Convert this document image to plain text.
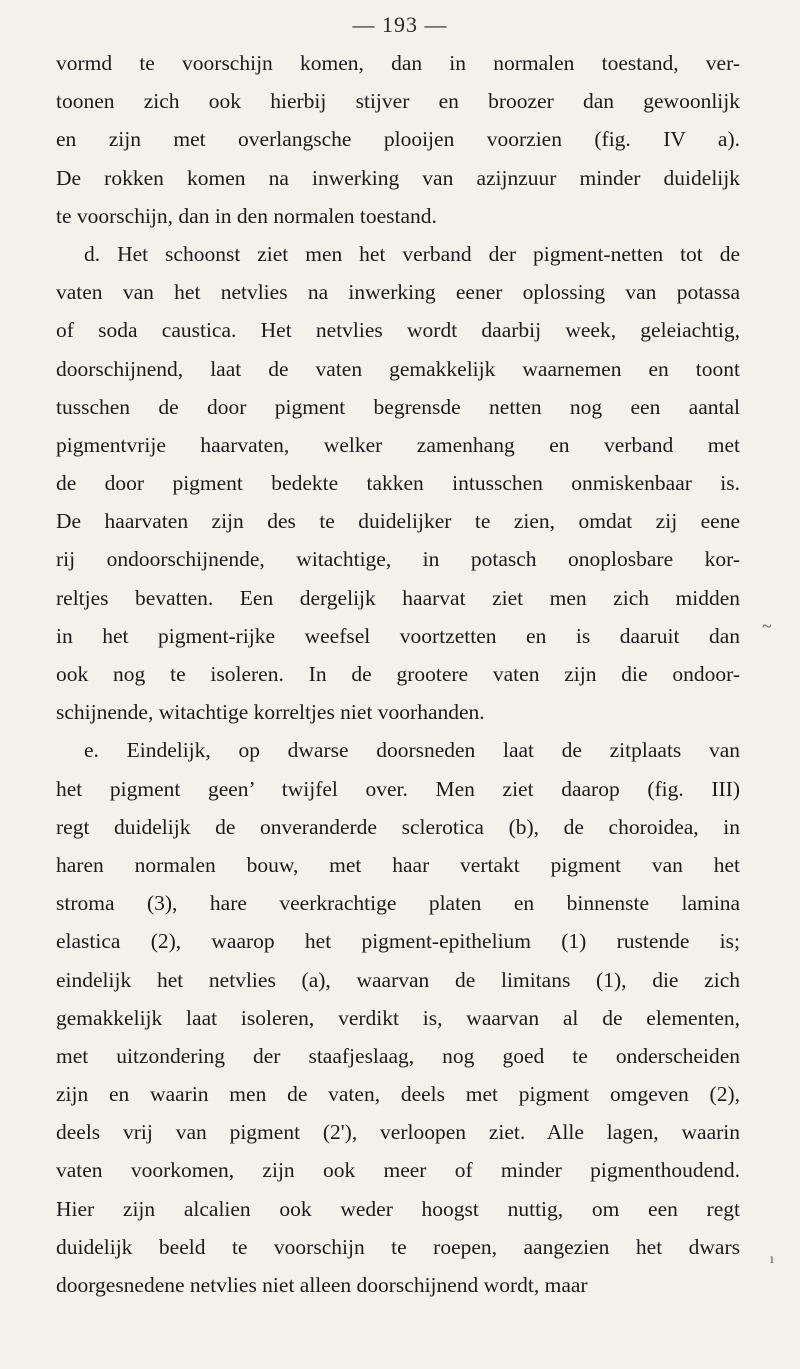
— 193 —
vormd te voorschijn komen, dan in normalen toestand, ver-
toonen zich ook hierbij stijver en broozer dan gewoonlijk
en zijn met overlangsche plooijen voorzien (fig. IV a).
De rokken komen na inwerking van azijnzuur minder duidelijk
te voorschijn, dan in den normalen toestand.
d. Het schoonst ziet men het verband der pigment-netten tot de
vaten van het netvlies na inwerking eener oplossing van potassa
of soda caustica. Het netvlies wordt daarbij week, geleiachtig,
doorschijnend, laat de vaten gemakkelijk waarnemen en toont
tusschen de door pigment begrensde netten nog een aantal
pigmentvrije haarvaten, welker zamenhang en verband met
de door pigment bedekte takken intusschen onmiskenbaar is.
De haarvaten zijn des te duidelijker te zien, omdat zij eene
rij ondoorschijnende, witachtige, in potasch onoplosbare kor-
reltjes bevatten. Een dergelijk haarvat ziet men zich midden
in het pigment-rijke weefsel voortzetten en is daaruit dan
ook nog te isoleren. In de grootere vaten zijn die ondoor-
schijnende, witachtige korreltjes niet voorhanden.
e. Eindelijk, op dwarse doorsneden laat de zitplaats van
het pigment geen’ twijfel over. Men ziet daarop (fig. III)
regt duidelijk de onveranderde sclerotica (b), de choroidea, in
haren normalen bouw, met haar vertakt pigment van het
stroma (3), hare veerkrachtige platen en binnenste lamina
elastica (2), waarop het pigment-epithelium (1) rustende is;
eindelijk het netvlies (a), waarvan de limitans (1), die zich
gemakkelijk laat isoleren, verdikt is, waarvan al de elementen,
met uitzondering der staafjeslaag, nog goed te onderscheiden
zijn en waarin men de vaten, deels met pigment omgeven (2),
deels vrij van pigment (2'), verloopen ziet. Alle lagen, waarin
vaten voorkomen, zijn ook meer of minder pigmenthoudend.
Hier zijn alcalien ook weder hoogst nuttig, om een regt
duidelijk beeld te voorschijn te roepen, aangezien het dwars
doorgesnedene netvlies niet alleen doorschijnend wordt, maar
~
ı
